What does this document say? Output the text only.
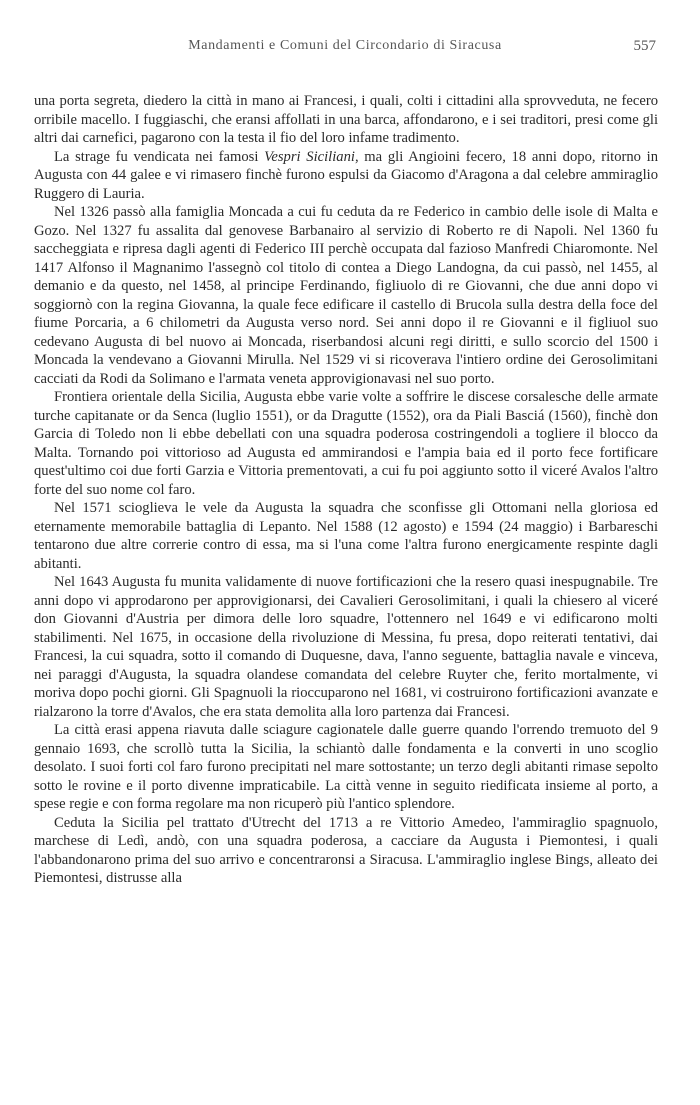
Mandamenti e Comuni del Circondario di Siracusa	557

una porta segreta, diedero la città in mano ai Francesi, i quali, colti i cittadini alla sprovveduta, ne fecero orribile macello. I fuggiaschi, che eransi affollati in una barca, affondarono, e i sei traditori, presi come gli altri dai carnefici, pagarono con la testa il fio del loro infame tradimento.

La strage fu vendicata nei famosi Vespri Siciliani, ma gli Angioini fecero, 18 anni dopo, ritorno in Augusta con 44 galee e vi rimasero finchè furono espulsi da Giacomo d'Aragona a dal celebre ammiraglio Ruggero di Lauria.

Nel 1326 passò alla famiglia Moncada a cui fu ceduta da re Federico in cambio delle isole di Malta e Gozo. Nel 1327 fu assalita dal genovese Barbanairo al servizio di Roberto re di Napoli. Nel 1360 fu saccheggiata e ripresa dagli agenti di Federico III perchè occupata dal fazioso Manfredi Chiaromonte. Nel 1417 Alfonso il Magnanimo l'assegnò col titolo di contea a Diego Landogna, da cui passò, nel 1455, al demanio e da questo, nel 1458, al principe Ferdinando, figliuolo di re Giovanni, che due anni dopo vi soggiornò con la regina Giovanna, la quale fece edificare il castello di Brucola sulla destra della foce del fiume Porcaria, a 6 chilometri da Augusta verso nord. Sei anni dopo il re Giovanni e il figliuol suo cedevano Augusta di bel nuovo ai Moncada, riserbandosi alcuni regi diritti, e sullo scorcio del 1500 i Moncada la vendevano a Giovanni Mirulla. Nel 1529 vi si ricoverava l'intiero ordine dei Gerosolimitani cacciati da Rodi da Solimano e l'armata veneta approvigionavasi nel suo porto.

Frontiera orientale della Sicilia, Augusta ebbe varie volte a soffrire le discese corsalesche delle armate turche capitanate or da Senca (luglio 1551), or da Dragutte (1552), ora da Piali Basciá (1560), finchè don Garcia di Toledo non li ebbe debellati con una squadra poderosa costringendoli a togliere il blocco da Malta. Tornando poi vittorioso ad Augusta ed ammirandosi e l'ampia baia ed il porto fece fortificare quest'ultimo coi due forti Garzia e Vittoria prementovati, a cui fu poi aggiunto sotto il viceré Avalos l'altro forte del suo nome col faro.

Nel 1571 scioglieva le vele da Augusta la squadra che sconfisse gli Ottomani nella gloriosa ed eternamente memorabile battaglia di Lepanto. Nel 1588 (12 agosto) e 1594 (24 maggio) i Barbareschi tentarono due altre correrie contro di essa, ma si l'una come l'altra furono energicamente respinte dagli abitanti.

Nel 1643 Augusta fu munita validamente di nuove fortificazioni che la resero quasi inespugnabile. Tre anni dopo vi approdarono per approvigionarsi, dei Cavalieri Gerosolimitani, i quali la chiesero al viceré don Giovanni d'Austria per dimora delle loro squadre, l'ottennero nel 1649 e vi edificarono molti stabilimenti. Nel 1675, in occasione della rivoluzione di Messina, fu presa, dopo reiterati tentativi, dai Francesi, la cui squadra, sotto il comando di Duquesne, dava, l'anno seguente, battaglia navale e vinceva, nei paraggi d'Augusta, la squadra olandese comandata del celebre Ruyter che, ferito mortalmente, vi moriva dopo pochi giorni. Gli Spagnuoli la rioccuparono nel 1681, vi costruirono fortificazioni avanzate e rialzarono la torre d'Avalos, che era stata demolita alla loro partenza dai Francesi.

La città erasi appena riavuta dalle sciagure cagionatele dalle guerre quando l'orrendo tremuoto del 9 gennaio 1693, che scrollò tutta la Sicilia, la schiantò dalle fondamenta e la converti in uno scoglio desolato. I suoi forti col faro furono precipitati nel mare sottostante; un terzo degli abitanti rimase sepolto sotto le rovine e il porto divenne impraticabile. La città venne in seguito riedificata insieme al porto, a spese regie e con forma regolare ma non ricuperò più l'antico splendore.

Ceduta la Sicilia pel trattato d'Utrecht del 1713 a re Vittorio Amedeo, l'ammiraglio spagnuolo, marchese di Ledì, andò, con una squadra poderosa, a cacciare da Augusta i Piemontesi, i quali l'abbandonarono prima del suo arrivo e concentraronsi a Siracusa. L'ammiraglio inglese Bings, alleato dei Piemontesi, distrusse alla
